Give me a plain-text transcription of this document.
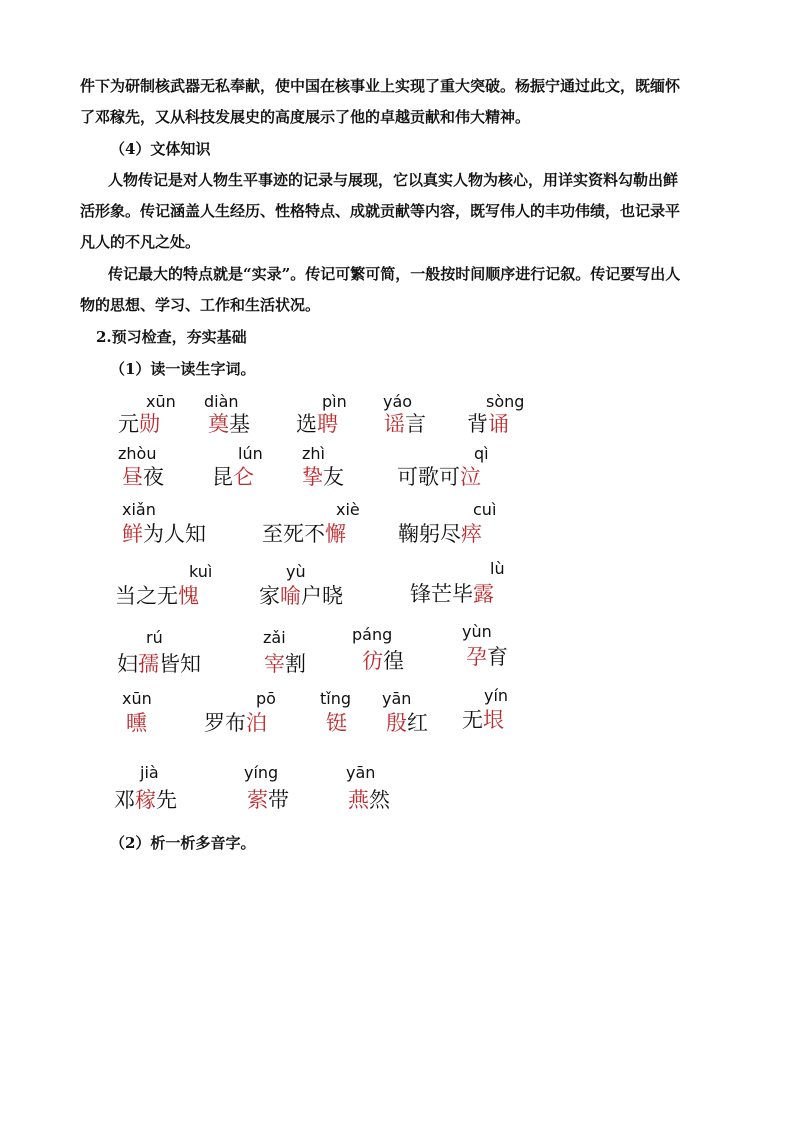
件下为研制核武器无私奉献，使中国在核事业上实现了重大突破。杨振宁通过此文，既缅怀
了邓稼先，又从科技发展史的高度展示了他的卓越贡献和伟大精神。
（4）文体知识
人物传记是对人物生平事迹的记录与展现，它以真实人物为核心，用详实资料勾勒出鲜
活形象。传记涵盖人生经历、性格特点、成就贡献等内容，既写伟人的丰功伟绩，也记录平
凡人的不凡之处。
传记最大的特点就是“实录”。传记可繁可简，一般按时间顺序进行记叙。传记要写出人
物的思想、学习、工作和生活状况。
2.预习检查，夯实基础
（1）读一读生字词。
xūn
元勋
diàn
奠基
pìn
选聘
yáo
谣言
sòng
背诵
zhòu
昼夜
lún
昆仑
zhì
挚友
qì
可歌可泣
xiǎn
鲜为人知
xiè
至死不懈
cuì
鞠躬尽瘁
kuì
当之无愧
yù
家喻户晓
lù
锋芒毕露
rú
妇孺皆知
zǎi
宰割
páng
彷徨
yùn
孕育
xūn
曛
pō
罗布泊
tǐng
铤
yān
殷红
yín
无垠
jià
邓稼先
yíng
萦带
yān
燕然
（2）析一析多音字。
